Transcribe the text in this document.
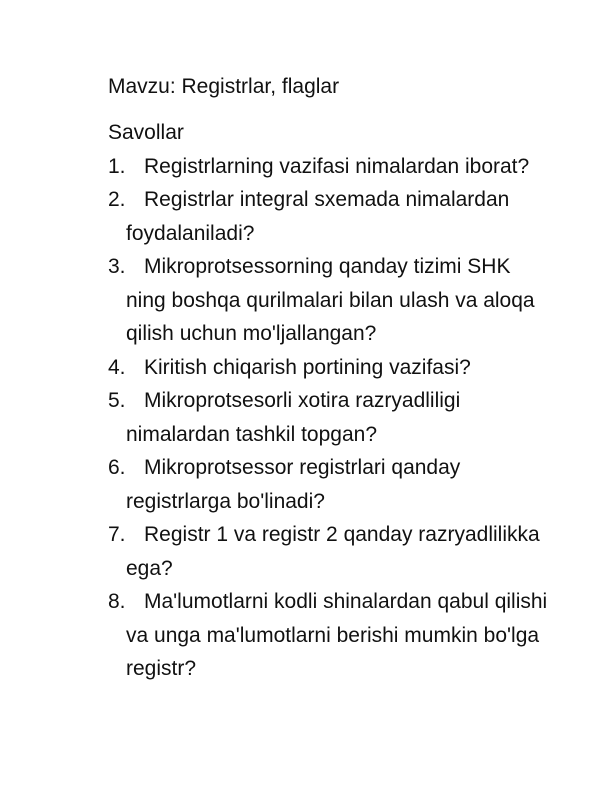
Mavzu: Registrlar, flaglar

Savollar

1. Registrlarning vazifasi nimalardan iborat?
2. Registrlar integral sxemada nimalardan foydalaniladi?
3. Mikroprotsessorning qanday tizimi SHK ning boshqa qurilmalari bilan ulash va aloqa qilish uchun mo'ljallangan?
4. Kiritish chiqarish portining vazifasi?
5. Mikroprotsesorli xotira razryadliligi nimalardan tashkil topgan?
6. Mikroprotsessor registrlari qanday registrlarga bo'linadi?
7. Registr 1 va registr 2 qanday razryadlilikka ega?
8. Ma'lumotlarni kodli shinalardan qabul qilishi va unga ma'lumotlarni berishi mumkin bo'lga registr?
